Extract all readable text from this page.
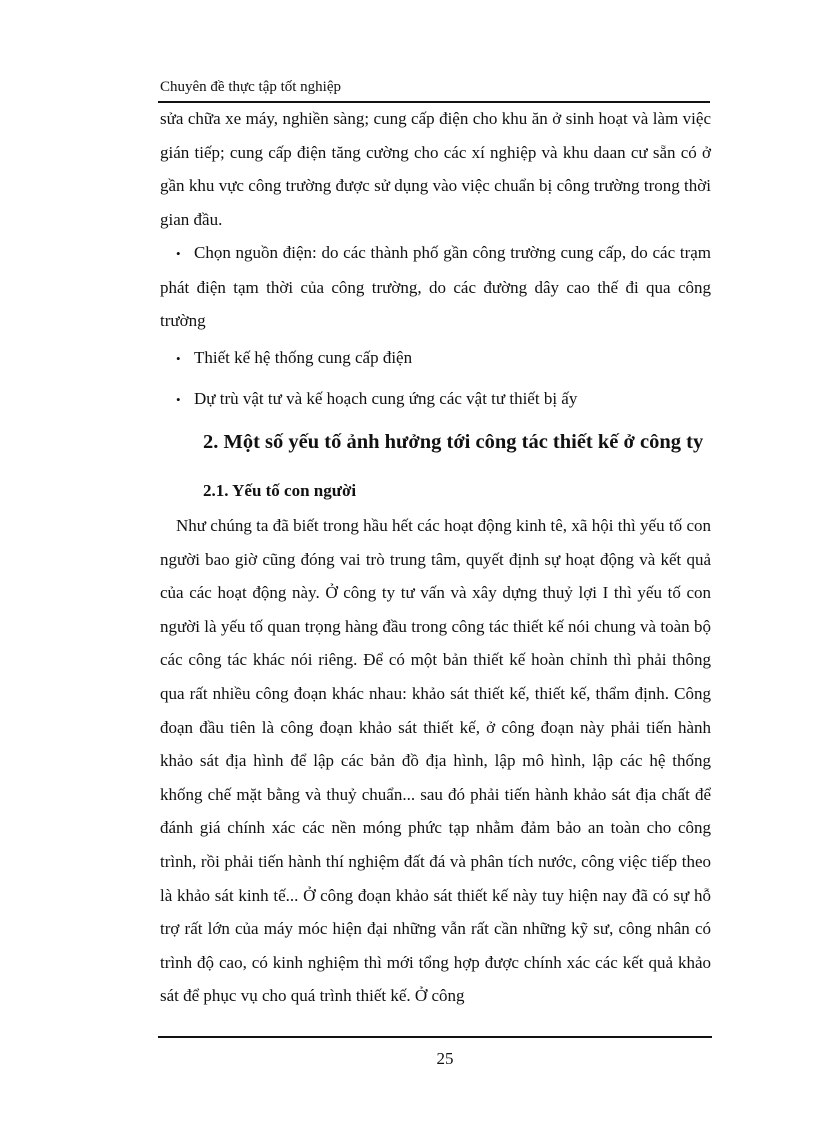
Chuyên đề thực tập tốt nghiệp
sửa chữa xe máy, nghiền sàng; cung cấp điện cho khu ăn ở sinh hoạt và làm việc gián tiếp; cung cấp điện tăng cường cho các xí nghiệp và khu daan cư sẵn có ở gần khu vực công trường được sử dụng vào việc chuẩn bị công trường trong thời gian đầu.
• Chọn nguồn điện: do các thành phố gần công trường cung cấp, do các trạm phát điện tạm thời của công trường, do các đường dây cao thế đi qua công trường
• Thiết kế hệ thống cung cấp điện
• Dự trù vật tư và kế hoạch cung ứng các vật tư thiết bị ấy
2. Một số yếu tố ảnh hưởng tới công tác thiết kế ở công ty
2.1. Yếu tố con người
Như chúng ta đã biết trong hầu hết các hoạt động kinh tê, xã hội thì yếu tố con người bao giờ cũng đóng vai trò trung tâm, quyết định sự hoạt động và kết quả của các hoạt động này. Ở công ty tư vấn và xây dựng thuỷ lợi I thì yếu tố con người là yếu tố quan trọng hàng đầu trong công tác thiết kế nói chung và toàn bộ các công tác khác nói riêng. Để có một bản thiết kế hoàn chỉnh thì phải thông qua rất nhiều công đoạn khác nhau: khảo sát thiết kế, thiết kế, thẩm định. Công đoạn đầu tiên là công đoạn khảo sát thiết kế, ở công đoạn này phải tiến hành khảo sát địa hình để lập các bản đồ địa hình, lập mô hình, lập các hệ thống khống chế mặt bằng và thuỷ chuẩn... sau đó phải tiến hành khảo sát địa chất để đánh giá chính xác các nền móng phức tạp nhằm đảm bảo an toàn cho công trình, rồi phải tiến hành thí nghiệm đất đá và phân tích nước, công việc tiếp theo là khảo sát kinh tế... Ở công đoạn khảo sát thiết kế này tuy hiện nay đã có sự hỗ trợ rất lớn của máy móc hiện đại những vẫn rất cần những kỹ sư, công nhân có trình độ cao, có kinh nghiệm thì mới tổng hợp được chính xác các kết quả khảo sát để phục vụ cho quá trình thiết kế. Ở công
25
